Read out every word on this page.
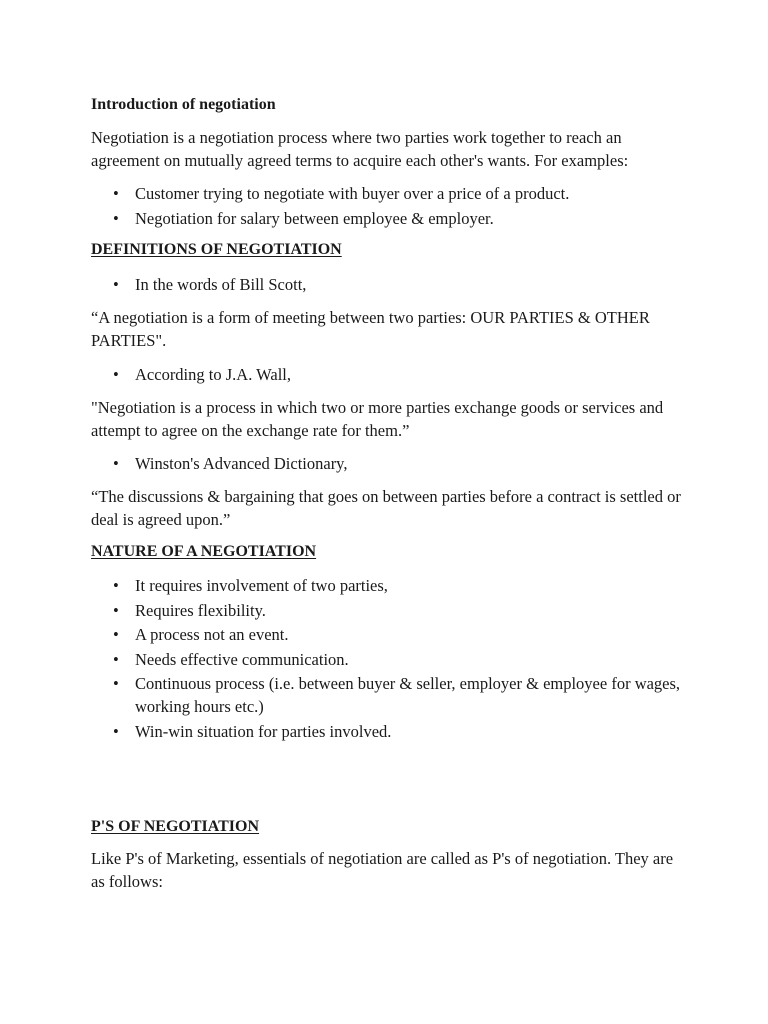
Introduction of negotiation

Negotiation is a negotiation process where two parties work together to reach an agreement on mutually agreed terms to acquire each other's wants. For examples:

• Customer trying to negotiate with buyer over a price of a product.
• Negotiation for salary between employee & employer.

DEFINITIONS OF NEGOTIATION

• In the words of Bill Scott,

“A negotiation is a form of meeting between two parties: OUR PARTIES & OTHER PARTIES".

• According to J.A. Wall,

"Negotiation is a process in which two or more parties exchange goods or services and attempt to agree on the exchange rate for them.”

• Winston's Advanced Dictionary,

“The discussions & bargaining that goes on between parties before a contract is settled or deal is agreed upon.”

NATURE OF A NEGOTIATION

• It requires involvement of two parties,
• Requires flexibility.
• A process not an event.
• Needs effective communication.
• Continuous process (i.e. between buyer & seller, employer & employee for wages, working hours etc.)
• Win-win situation for parties involved.

P'S OF NEGOTIATION

Like P's of Marketing, essentials of negotiation are called as P's of negotiation. They are as follows:
